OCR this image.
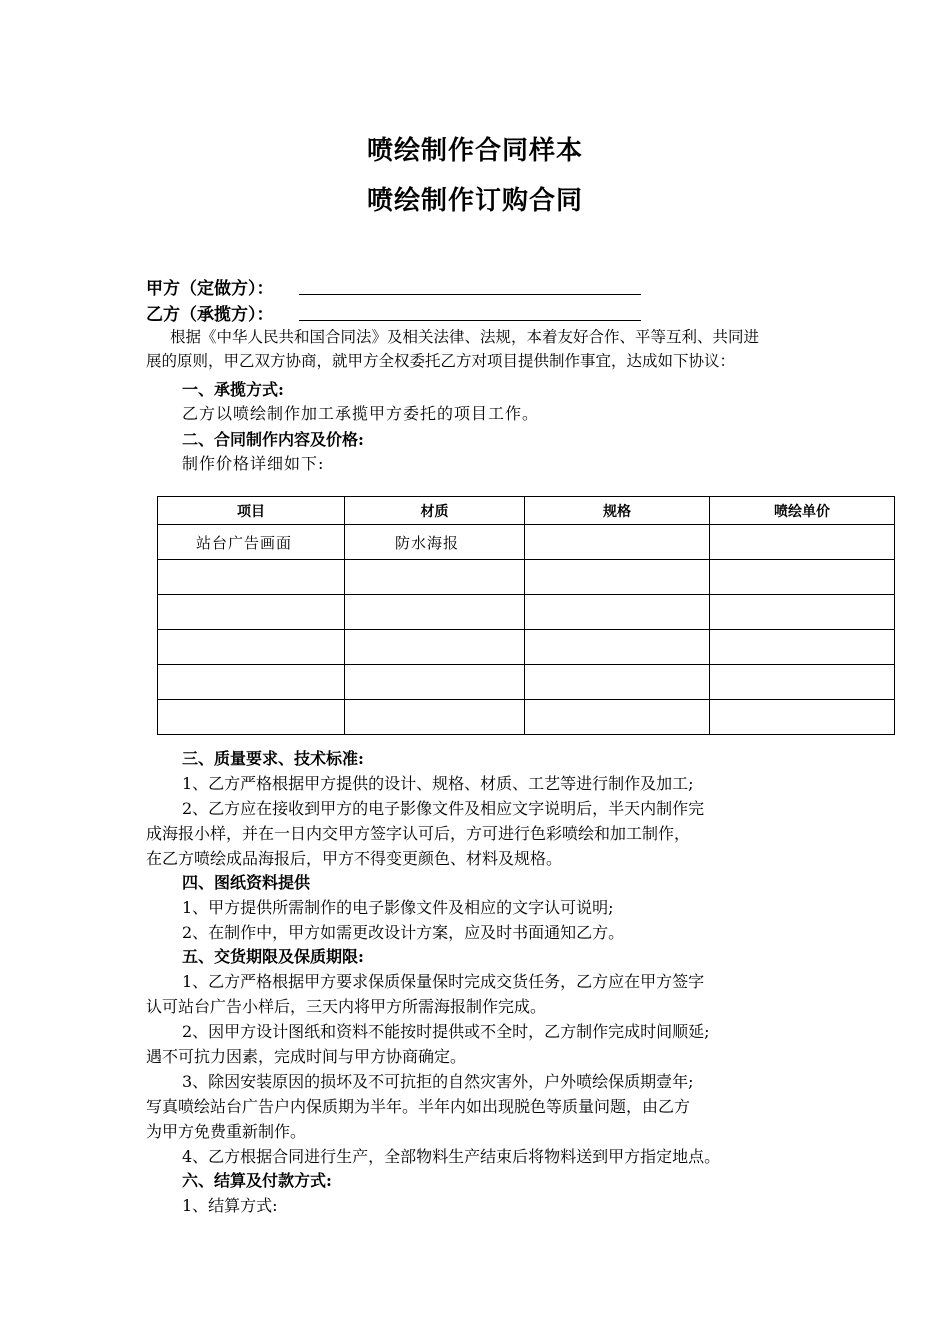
喷绘制作合同样本
喷绘制作订购合同
甲方（定做方）：
乙方（承揽方）：
根据《中华人民共和国合同法》及相关法律、法规，本着友好合作、平等互利、共同进
展的原则，甲乙双方协商，就甲方全权委托乙方对项目提供制作事宜，达成如下协议：
一、承揽方式:
乙方以喷绘制作加工承揽甲方委托的项目工作。
二、合同制作内容及价格:
制作价格详细如下:
项目	材质	规格	喷绘单价
站台广告画面	防水海报		

三、质量要求、技术标准:
1、乙方严格根据甲方提供的设计、规格、材质、工艺等进行制作及加工;
2、乙方应在接收到甲方的电子影像文件及相应文字说明后，半天内制作完
成海报小样，并在一日内交甲方签字认可后，方可进行色彩喷绘和加工制作，
在乙方喷绘成品海报后，甲方不得变更颜色、材料及规格。
四、图纸资料提供
1、甲方提供所需制作的电子影像文件及相应的文字认可说明;
2、在制作中，甲方如需更改设计方案，应及时书面通知乙方。
五、交货期限及保质期限:
1、乙方严格根据甲方要求保质保量保时完成交货任务，乙方应在甲方签字
认可站台广告小样后，三天内将甲方所需海报制作完成。
2、因甲方设计图纸和资料不能按时提供或不全时，乙方制作完成时间顺延;
遇不可抗力因素，完成时间与甲方协商确定。
3、除因安装原因的损坏及不可抗拒的自然灾害外，户外喷绘保质期壹年;
写真喷绘站台广告户内保质期为半年。半年内如出现脱色等质量问题，由乙方
为甲方免费重新制作。
4、乙方根据合同进行生产，全部物料生产结束后将物料送到甲方指定地点。
六、结算及付款方式:
1、结算方式:
